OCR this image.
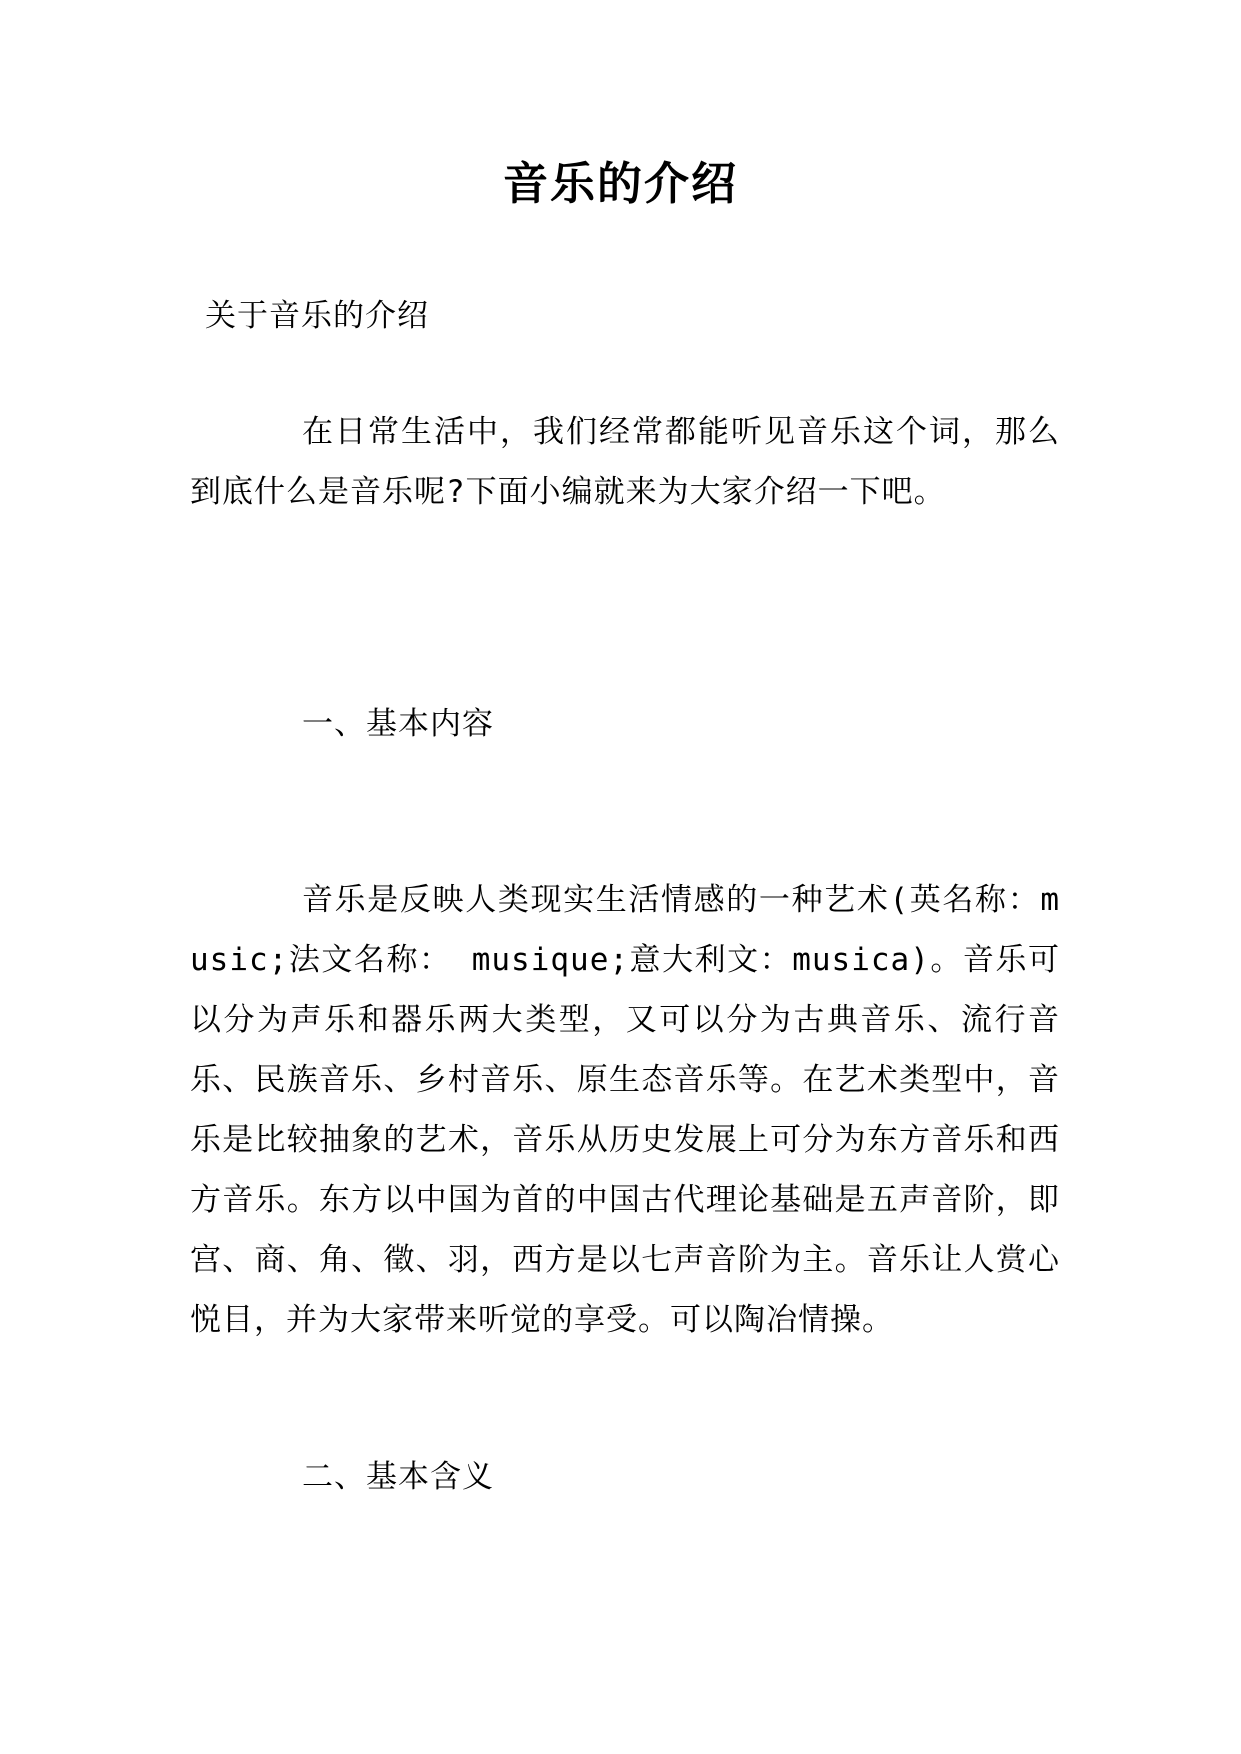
音乐的介绍
关于音乐的介绍
在日常生活中，我们经常都能听见音乐这个词，那么到底什么是音乐呢?下面小编就来为大家介绍一下吧。
一、基本内容
音乐是反映人类现实生活情感的一种艺术(英名称：music;法文名称： musique;意大利文：musica)。音乐可以分为声乐和器乐两大类型，又可以分为古典音乐、流行音乐、民族音乐、乡村音乐、原生态音乐等。在艺术类型中，音乐是比较抽象的艺术，音乐从历史发展上可分为东方音乐和西方音乐。东方以中国为首的中国古代理论基础是五声音阶，即宫、商、角、徵、羽，西方是以七声音阶为主。音乐让人赏心悦目，并为大家带来听觉的享受。可以陶冶情操。
二、基本含义
